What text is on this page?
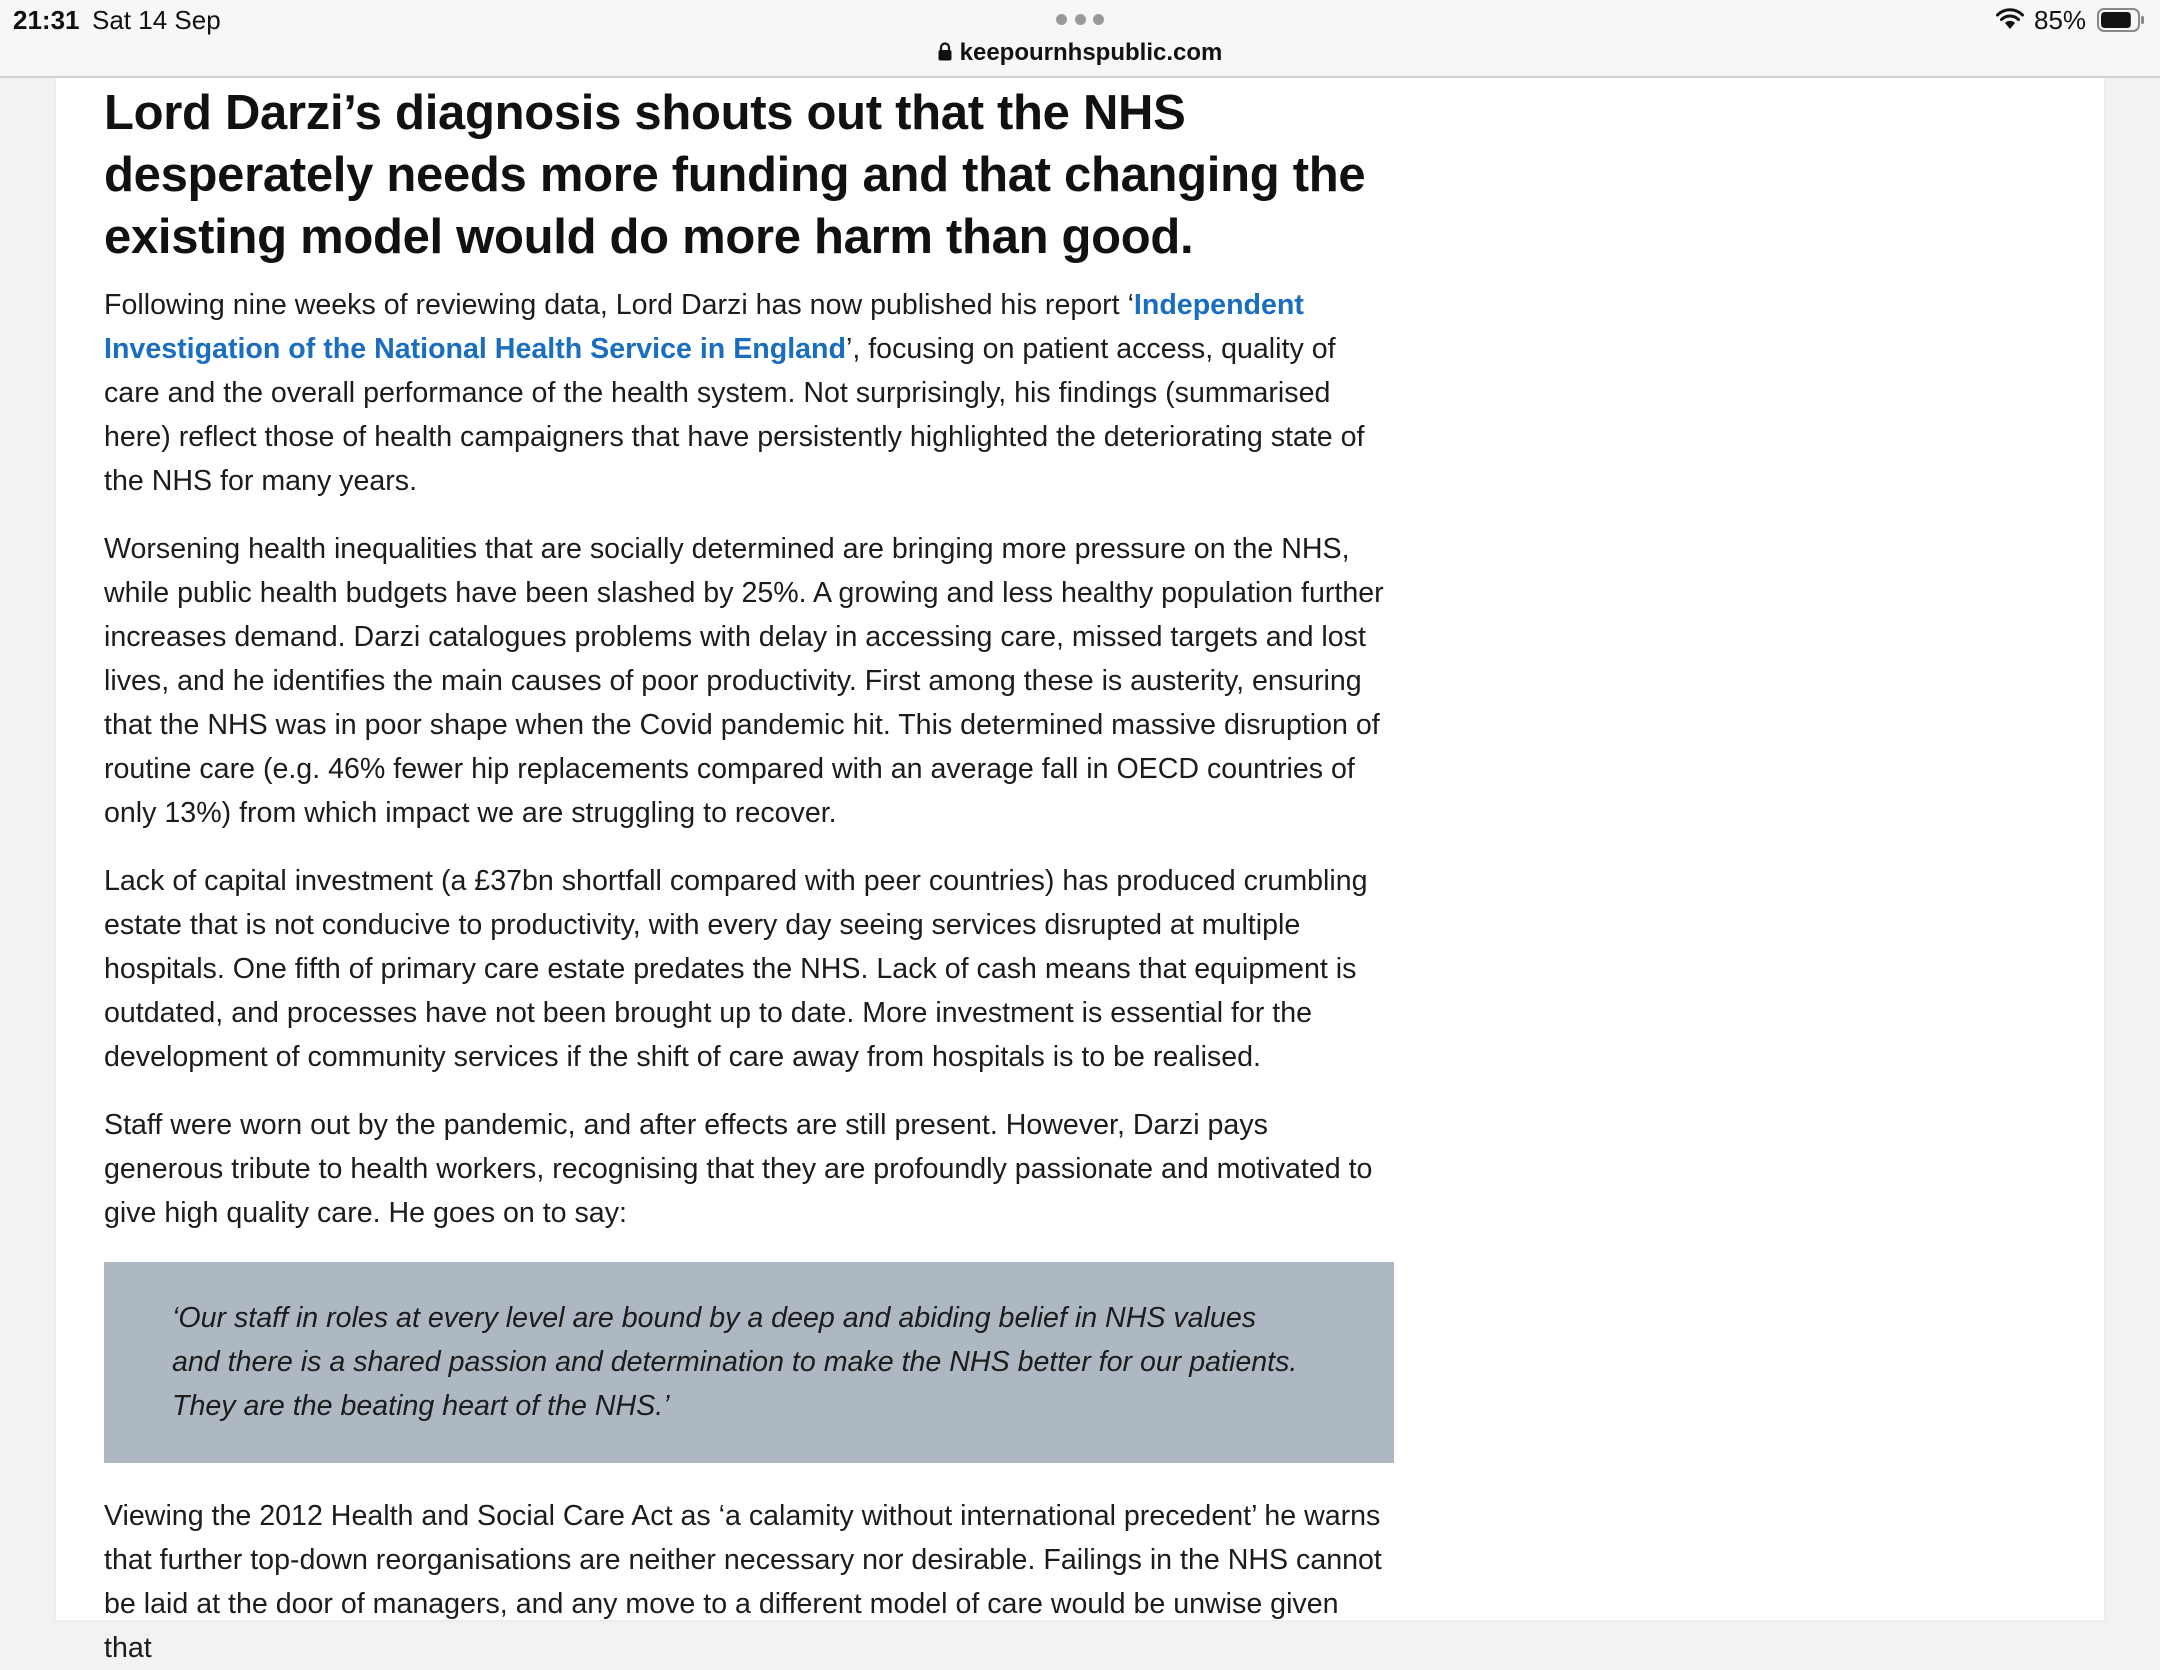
21:31 Sat 14 Sep
keepournhspublic.com
85%
Lord Darzi’s diagnosis shouts out that the NHS desperately needs more funding and that changing the existing model would do more harm than good.

Following nine weeks of reviewing data, Lord Darzi has now published his report ‘Independent Investigation of the National Health Service in England’, focusing on patient access, quality of care and the overall performance of the health system. Not surprisingly, his findings (summarised here) reflect those of health campaigners that have persistently highlighted the deteriorating state of the NHS for many years.

Worsening health inequalities that are socially determined are bringing more pressure on the NHS, while public health budgets have been slashed by 25%. A growing and less healthy population further increases demand. Darzi catalogues problems with delay in accessing care, missed targets and lost lives, and he identifies the main causes of poor productivity. First among these is austerity, ensuring that the NHS was in poor shape when the Covid pandemic hit. This determined massive disruption of routine care (e.g. 46% fewer hip replacements compared with an average fall in OECD countries of only 13%) from which impact we are struggling to recover.

Lack of capital investment (a £37bn shortfall compared with peer countries) has produced crumbling estate that is not conducive to productivity, with every day seeing services disrupted at multiple hospitals. One fifth of primary care estate predates the NHS. Lack of cash means that equipment is outdated, and processes have not been brought up to date. More investment is essential for the development of community services if the shift of care away from hospitals is to be realised.

Staff were worn out by the pandemic, and after effects are still present. However, Darzi pays generous tribute to health workers, recognising that they are profoundly passionate and motivated to give high quality care. He goes on to say:

‘Our staff in roles at every level are bound by a deep and abiding belief in NHS values and there is a shared passion and determination to make the NHS better for our patients. They are the beating heart of the NHS.’

Viewing the 2012 Health and Social Care Act as ‘a calamity without international precedent’ he warns that further top-down reorganisations are neither necessary nor desirable. Failings in the NHS cannot be laid at the door of managers, and any move to a different model of care would be unwise given that
